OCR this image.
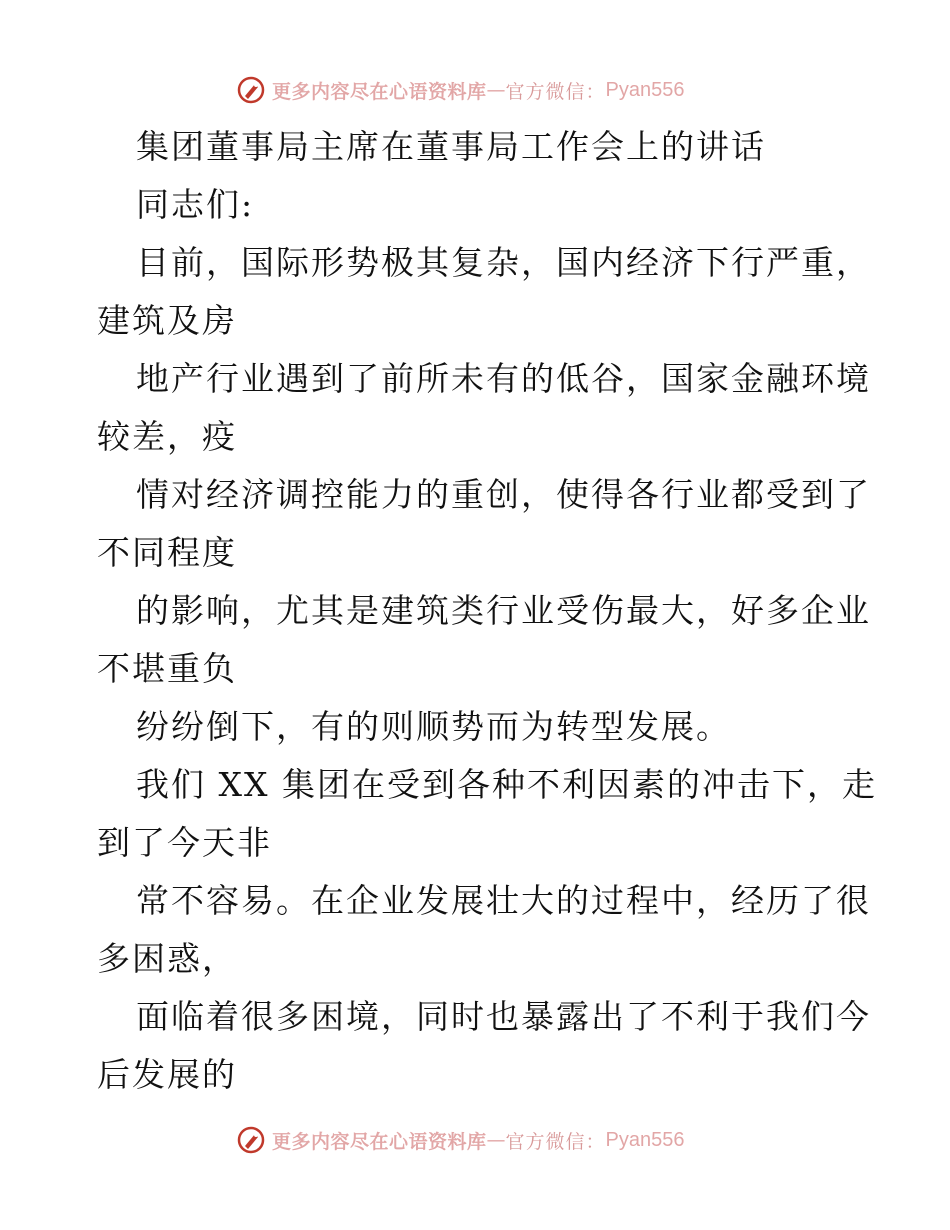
更多内容尽在心语资料库 — 官方微信： Pyan556
集团董事局主席在董事局工作会上的讲话
同志们:
目前，国际形势极其复杂，国内经济下行严重，
建筑及房
地产行业遇到了前所未有的低谷，国家金融环境
较差，疫
情对经济调控能力的重创，使得各行业都受到了
不同程度
的影响，尤其是建筑类行业受伤最大，好多企业
不堪重负
纷纷倒下，有的则顺势而为转型发展。
我们 XX 集团在受到各种不利因素的冲击下，走
到了今天非
常不容易。在企业发展壮大的过程中，经历了很
多困惑，
面临着很多困境，同时也暴露出了不利于我们今
后发展的
更多内容尽在心语资料库 — 官方微信： Pyan556
